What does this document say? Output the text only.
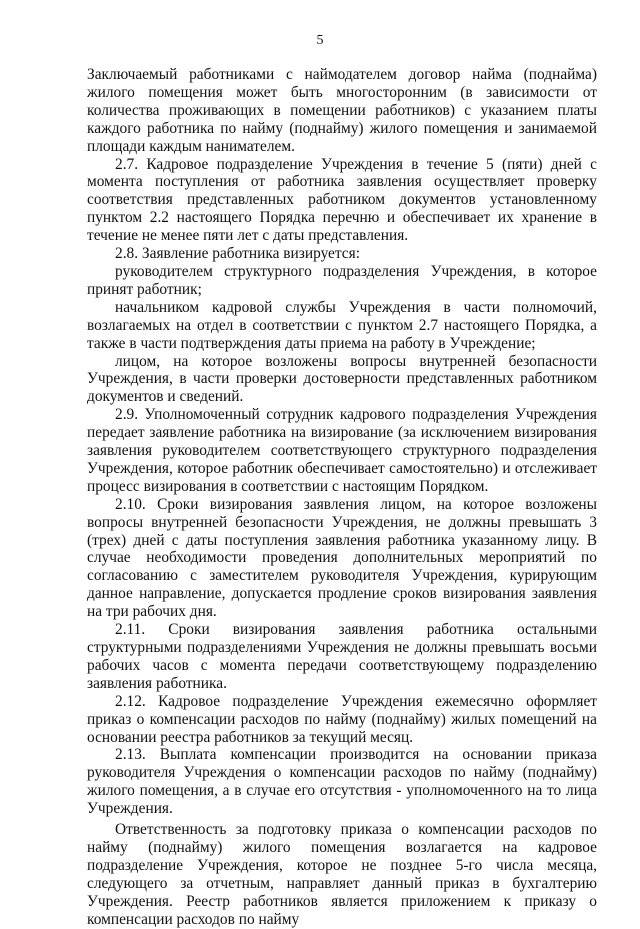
5

Заключаемый работниками с наймодателем договор найма (поднайма) жилого помещения может быть многосторонним (в зависимости от количества проживающих в помещении работников) с указанием платы каждого работника по найму (поднайму) жилого помещения и занимаемой площади каждым нанимателем.

2.7. Кадровое подразделение Учреждения в течение 5 (пяти) дней с момента поступления от работника заявления осуществляет проверку соответствия представленных работником документов установленному пунктом 2.2 настоящего Порядка перечню и обеспечивает их хранение в течение не менее пяти лет с даты представления.

2.8. Заявление работника визируется:

руководителем структурного подразделения Учреждения, в которое принят работник;

начальником кадровой службы Учреждения в части полномочий, возлагаемых на отдел в соответствии с пунктом 2.7 настоящего Порядка, а также в части подтверждения даты приема на работу в Учреждение;

лицом, на которое возложены вопросы внутренней безопасности Учреждения, в части проверки достоверности представленных работником документов и сведений.

2.9. Уполномоченный сотрудник кадрового подразделения Учреждения передает заявление работника на визирование (за исключением визирования заявления руководителем соответствующего структурного подразделения Учреждения, которое работник обеспечивает самостоятельно) и отслеживает процесс визирования в соответствии с настоящим Порядком.

2.10. Сроки визирования заявления лицом, на которое возложены вопросы внутренней безопасности Учреждения, не должны превышать 3 (трех) дней с даты поступления заявления работника указанному лицу. В случае необходимости проведения дополнительных мероприятий по согласованию с заместителем руководителя Учреждения, курирующим данное направление, допускается продление сроков визирования заявления на три рабочих дня.

2.11. Сроки визирования заявления работника остальными структурными подразделениями Учреждения не должны превышать восьми рабочих часов с момента передачи соответствующему подразделению заявления работника.

2.12. Кадровое подразделение Учреждения ежемесячно оформляет приказ о компенсации расходов по найму (поднайму) жилых помещений на основании реестра работников за текущий месяц.

2.13. Выплата компенсации производится на основании приказа руководителя Учреждения о компенсации расходов по найму (поднайму) жилого помещения, а в случае его отсутствия - уполномоченного на то лица Учреждения.

Ответственность за подготовку приказа о компенсации расходов по найму (поднайму) жилого помещения возлагается на кадровое подразделение Учреждения, которое не позднее 5-го числа месяца, следующего за отчетным, направляет данный приказ в бухгалтерию Учреждения. Реестр работников является приложением к приказу о компенсации расходов по найму
